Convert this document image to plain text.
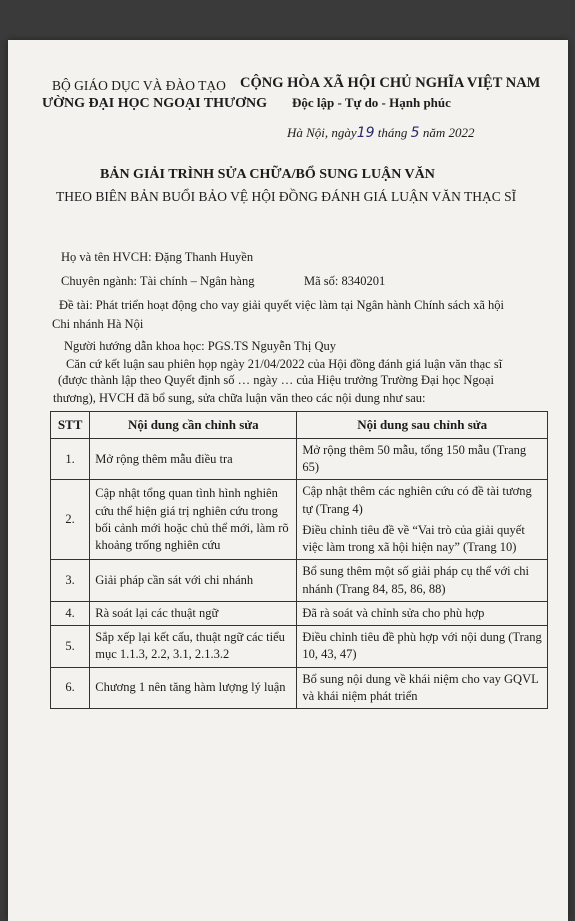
BỘ GIÁO DỤC VÀ ĐÀO TẠO
ƯỜNG ĐẠI HỌC NGOẠI THƯƠNG
CỘNG HÒA XÃ HỘI CHỦ NGHĨA VIỆT NAM
Độc lập - Tự do - Hạnh phúc
Hà Nội, ngày19 tháng 5 năm 2022
BẢN GIẢI TRÌNH SỬA CHỮA/BỔ SUNG LUẬN VĂN
THEO BIÊN BẢN BUỔI BẢO VỆ HỘI ĐỒNG ĐÁNH GIÁ LUẬN VĂN THẠC SĨ
Họ và tên HVCH: Đặng Thanh Huyền
Chuyên ngành: Tài chính – Ngân hàng	Mã số: 8340201
Đề tài: Phát triển hoạt động cho vay giải quyết việc làm tại Ngân hành Chính sách xã hội
Chi nhánh Hà Nội
Người hướng dẫn khoa học: PGS.TS Nguyễn Thị Quy
Căn cứ kết luận sau phiên họp ngày 21/04/2022 của Hội đồng đánh giá luận văn thạc sĩ
(được thành lập theo Quyết định số … ngày … của Hiệu trưởng Trường Đại học Ngoại
thương), HVCH đã bổ sung, sửa chữa luận văn theo các nội dung như sau:
STT	Nội dung cần chỉnh sửa	Nội dung sau chỉnh sửa
1.	Mở rộng thêm mẫu điều tra	Mở rộng thêm 50 mẫu, tổng 150 mẫu (Trang 65)

2.	Cập nhật tổng quan tình hình nghiên cứu thể hiện giá trị nghiên cứu trong bối cảnh mới hoặc chủ thể mới, làm rõ khoảng trống nghiên cứu	Cập nhật thêm các nghiên cứu có đề tài tương tự (Trang 4)
Điều chỉnh tiêu đề về “Vai trò của giải quyết việc làm trong xã hội hiện nay” (Trang 10)

3.	Giải pháp cần sát với chi nhánh	Bổ sung thêm một số giải pháp cụ thể với chi nhánh (Trang 84, 85, 86, 88)

4.	Rà soát lại các thuật ngữ	Đã rà soát và chỉnh sửa cho phù hợp

5.	Sắp xếp lại kết cấu, thuật ngữ các tiểu mục 1.1.3, 2.2, 3.1, 2.1.3.2	Điều chỉnh tiêu đề phù hợp với nội dung (Trang 10, 43, 47)

6.	Chương 1 nên tăng hàm lượng lý luận	Bổ sung nội dung về khái niệm cho vay GQVL và khái niệm phát triển
